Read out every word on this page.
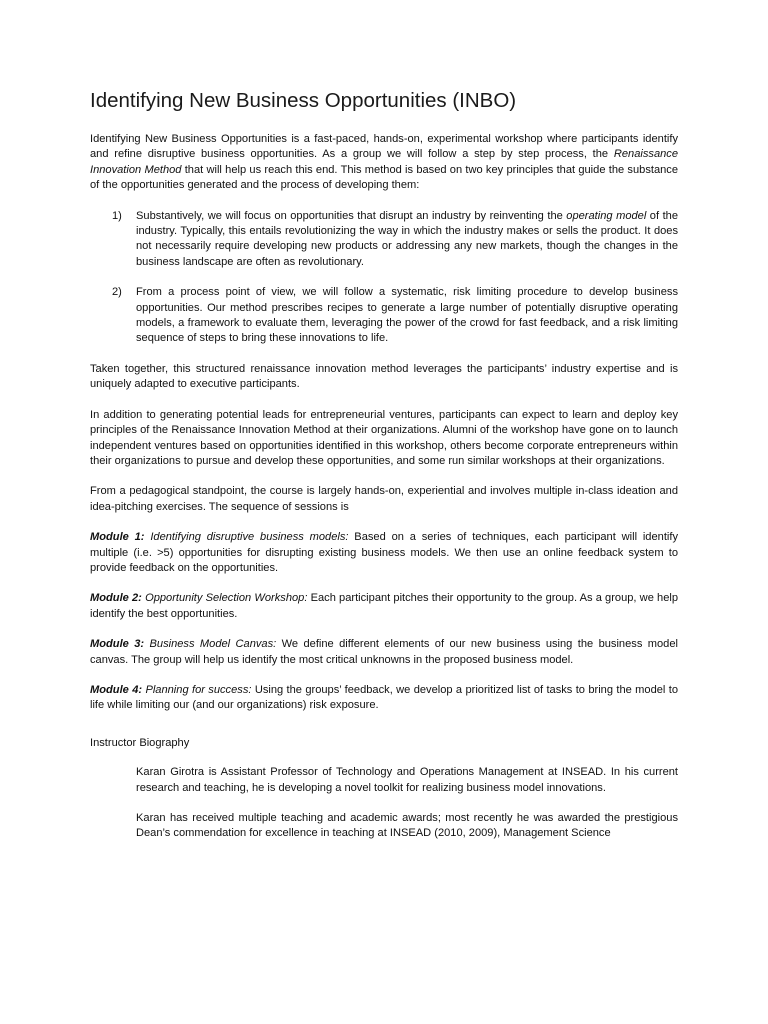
Identifying New Business Opportunities (INBO)

Identifying New Business Opportunities is a fast-paced, hands-on, experimental workshop where participants identify and refine disruptive business opportunities. As a group we will follow a step by step process, the Renaissance Innovation Method that will help us reach this end. This method is based on two key principles that guide the substance of the opportunities generated and the process of developing them:

1) Substantively, we will focus on opportunities that disrupt an industry by reinventing the operating model of the industry. Typically, this entails revolutionizing the way in which the industry makes or sells the product. It does not necessarily require developing new products or addressing any new markets, though the changes in the business landscape are often as revolutionary.
2) From a process point of view, we will follow a systematic, risk limiting procedure to develop business opportunities. Our method prescribes recipes to generate a large number of potentially disruptive operating models, a framework to evaluate them, leveraging the power of the crowd for fast feedback, and a risk limiting sequence of steps to bring these innovations to life.

Taken together, this structured renaissance innovation method leverages the participants’ industry expertise and is uniquely adapted to executive participants.

In addition to generating potential leads for entrepreneurial ventures, participants can expect to learn and deploy key principles of the Renaissance Innovation Method at their organizations. Alumni of the workshop have gone on to launch independent ventures based on opportunities identified in this workshop, others become corporate entrepreneurs within their organizations to pursue and develop these opportunities, and some run similar workshops at their organizations.

From a pedagogical standpoint, the course is largely hands-on, experiential and involves multiple in-class ideation and idea-pitching exercises. The sequence of sessions is

Module 1: Identifying disruptive business models: Based on a series of techniques, each participant will identify multiple (i.e. >5) opportunities for disrupting existing business models. We then use an online feedback system to provide feedback on the opportunities.

Module 2: Opportunity Selection Workshop: Each participant pitches their opportunity to the group. As a group, we help identify the best opportunities.

Module 3: Business Model Canvas: We define different elements of our new business using the business model canvas. The group will help us identify the most critical unknowns in the proposed business model.

Module 4: Planning for success: Using the groups’ feedback, we develop a prioritized list of tasks to bring the model to life while limiting our (and our organizations) risk exposure.

Instructor Biography

Karan Girotra is Assistant Professor of Technology and Operations Management at INSEAD. In his current research and teaching, he is developing a novel toolkit for realizing business model innovations.

Karan has received multiple teaching and academic awards; most recently he was awarded the prestigious Dean’s commendation for excellence in teaching at INSEAD (2010, 2009), Management Science
